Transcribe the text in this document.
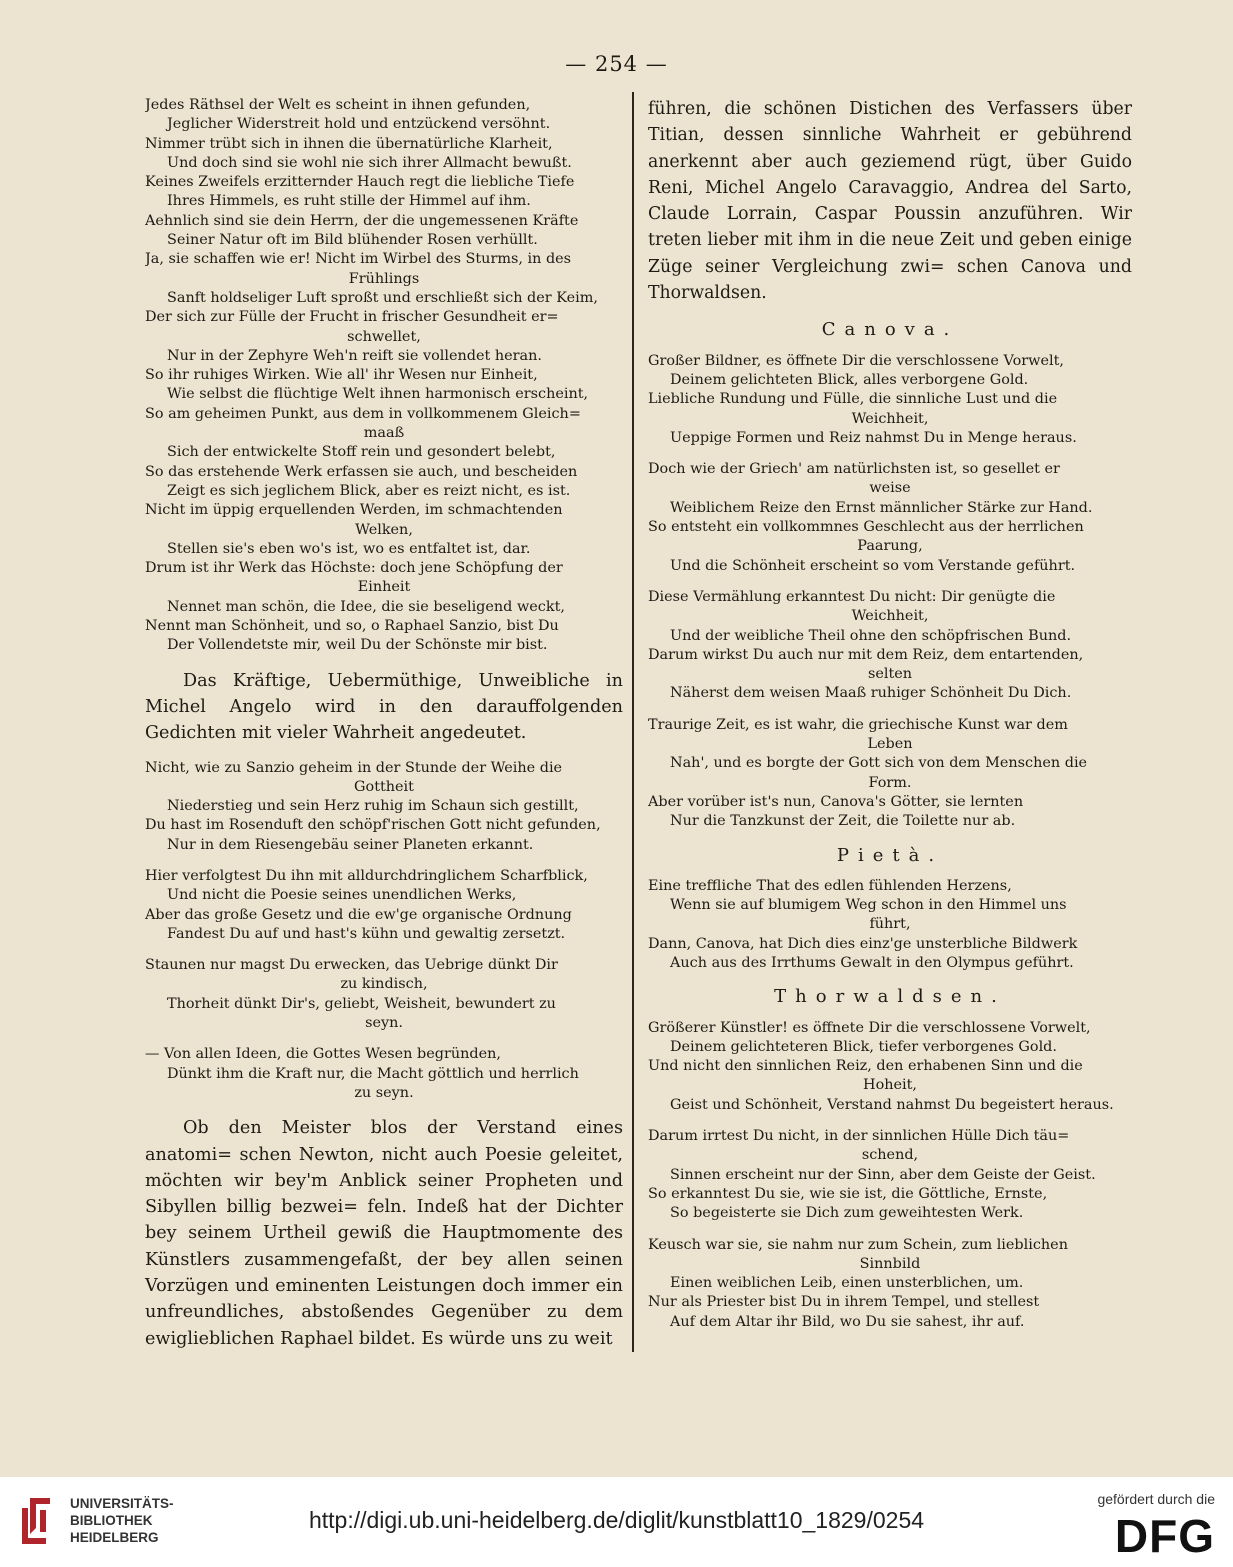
— 254 —
Jedes Räthsel der Welt es scheint in ihnen gefunden,
Jeglicher Widerstreit hold und entzückend versöhnt.
Nimmer trübt sich in ihnen die übernatürliche Klarheit,
Und doch sind sie wohl nie sich ihrer Allmacht bewußt.
Keines Zweifels erzitternder Hauch regt die liebliche Tiefe
Ihres Himmels, es ruht stille der Himmel auf ihm.
Aehnlich sind sie dein Herrn, der die ungemessenen Kräfte
Seiner Natur oft im Bild blühender Rosen verhüllt.
Ja, sie schaffen wie er! Nicht im Wirbel des Sturms, in des
Frühlings
Sanft holdseliger Luft sproßt und erschließt sich der Keim,
Der sich zur Fülle der Frucht in frischer Gesundheit er=
schwellet,
Nur in der Zephyre Weh'n reift sie vollendet heran.
So ihr ruhiges Wirken. Wie all' ihr Wesen nur Einheit,
Wie selbst die flüchtige Welt ihnen harmonisch erscheint,
So am geheimen Punkt, aus dem in vollkommenem Gleich=
maaß
Sich der entwickelte Stoff rein und gesondert belebt,
So das erstehende Werk erfassen sie auch, und bescheiden
Zeigt es sich jeglichem Blick, aber es reizt nicht, es ist.
Nicht im üppig erquellenden Werden, im schmachtenden
Welken,
Stellen sie's eben wo's ist, wo es entfaltet ist, dar.
Drum ist ihr Werk das Höchste: doch jene Schöpfung der
Einheit
Nennet man schön, die Idee, die sie beseligend weckt,
Nennt man Schönheit, und so, o Raphael Sanzio, bist Du
Der Vollendetste mir, weil Du der Schönste mir bist.
Das Kräftige, Uebermüthige, Unweibliche in Michel Angelo wird in den darauffolgenden Gedichten mit vieler Wahrheit angedeutet.
Nicht, wie zu Sanzio geheim in der Stunde der Weihe die
Gottheit
Niederstieg und sein Herz ruhig im Schaun sich gestillt,
Du hast im Rosenduft den schöpf'rischen Gott nicht gefunden,
Nur in dem Riesengebäu seiner Planeten erkannt.
Hier verfolgtest Du ihn mit alldurchdringlichem Scharfblick,
Und nicht die Poesie seines unendlichen Werks,
Aber das große Gesetz und die ew'ge organische Ordnung
Fandest Du auf und hast's kühn und gewaltig zersetzt.
Staunen nur magst Du erwecken, das Uebrige dünkt Dir
zu kindisch,
Thorheit dünkt Dir's, geliebt, Weisheit, bewundert zu
seyn.
— Von allen Ideen, die Gottes Wesen begründen,
Dünkt ihm die Kraft nur, die Macht göttlich und herrlich
zu seyn.
Ob den Meister blos der Verstand eines anatomi= schen Newton, nicht auch Poesie geleitet, möchten wir bey'm Anblick seiner Propheten und Sibyllen billig bezwei= feln. Indeß hat der Dichter bey seinem Urtheil gewiß die Hauptmomente des Künstlers zusammengefaßt, der bey allen seinen Vorzügen und eminenten Leistungen doch immer ein unfreundliches, abstoßendes Gegenüber zu dem ewiglieblichen Raphael bildet. Es würde uns zu weit
führen, die schönen Distichen des Verfassers über Titian, dessen sinnliche Wahrheit er gebührend anerkennt aber auch geziemend rügt, über Guido Reni, Michel Angelo Caravaggio, Andrea del Sarto, Claude Lorrain, Caspar Poussin anzuführen. Wir treten lieber mit ihm in die neue Zeit und geben einige Züge seiner Vergleichung zwi= schen Canova und Thorwaldsen.
Canova.
Großer Bildner, es öffnete Dir die verschlossene Vorwelt,
Deinem gelichteten Blick, alles verborgene Gold.
Liebliche Rundung und Fülle, die sinnliche Lust und die
Weichheit,
Ueppige Formen und Reiz nahmst Du in Menge heraus.
Doch wie der Griech' am natürlichsten ist, so gesellet er
weise
Weiblichem Reize den Ernst männlicher Stärke zur Hand.
So entsteht ein vollkommnes Geschlecht aus der herrlichen
Paarung,
Und die Schönheit erscheint so vom Verstande geführt.
Diese Vermählung erkanntest Du nicht: Dir genügte die
Weichheit,
Und der weibliche Theil ohne den schöpfrischen Bund.
Darum wirkst Du auch nur mit dem Reiz, dem entartenden,
selten
Näherst dem weisen Maaß ruhiger Schönheit Du Dich.
Traurige Zeit, es ist wahr, die griechische Kunst war dem
Leben
Nah', und es borgte der Gott sich von dem Menschen die
Form.
Aber vorüber ist's nun, Canova's Götter, sie lernten
Nur die Tanzkunst der Zeit, die Toilette nur ab.
Pietà.
Eine treffliche That des edlen fühlenden Herzens,
Wenn sie auf blumigem Weg schon in den Himmel uns
führt,
Dann, Canova, hat Dich dies einz'ge unsterbliche Bildwerk
Auch aus des Irrthums Gewalt in den Olympus geführt.
Thorwaldsen.
Größerer Künstler! es öffnete Dir die verschlossene Vorwelt,
Deinem gelichteteren Blick, tiefer verborgenes Gold.
Und nicht den sinnlichen Reiz, den erhabenen Sinn und die
Hoheit,
Geist und Schönheit, Verstand nahmst Du begeistert heraus.
Darum irrtest Du nicht, in der sinnlichen Hülle Dich täu=
schend,
Sinnen erscheint nur der Sinn, aber dem Geiste der Geist.
So erkanntest Du sie, wie sie ist, die Göttliche, Ernste,
So begeisterte sie Dich zum geweihtesten Werk.
Keusch war sie, sie nahm nur zum Schein, zum lieblichen
Sinnbild
Einen weiblichen Leib, einen unsterblichen, um.
Nur als Priester bist Du in ihrem Tempel, und stellest
Auf dem Altar ihr Bild, wo Du sie sahest, ihr auf.
UNIVERSITÄTS-
BIBLIOTHEK
HEIDELBERG
http://digi.ub.uni-heidelberg.de/diglit/kunstblatt10_1829/0254
gefördert durch die
DFG
